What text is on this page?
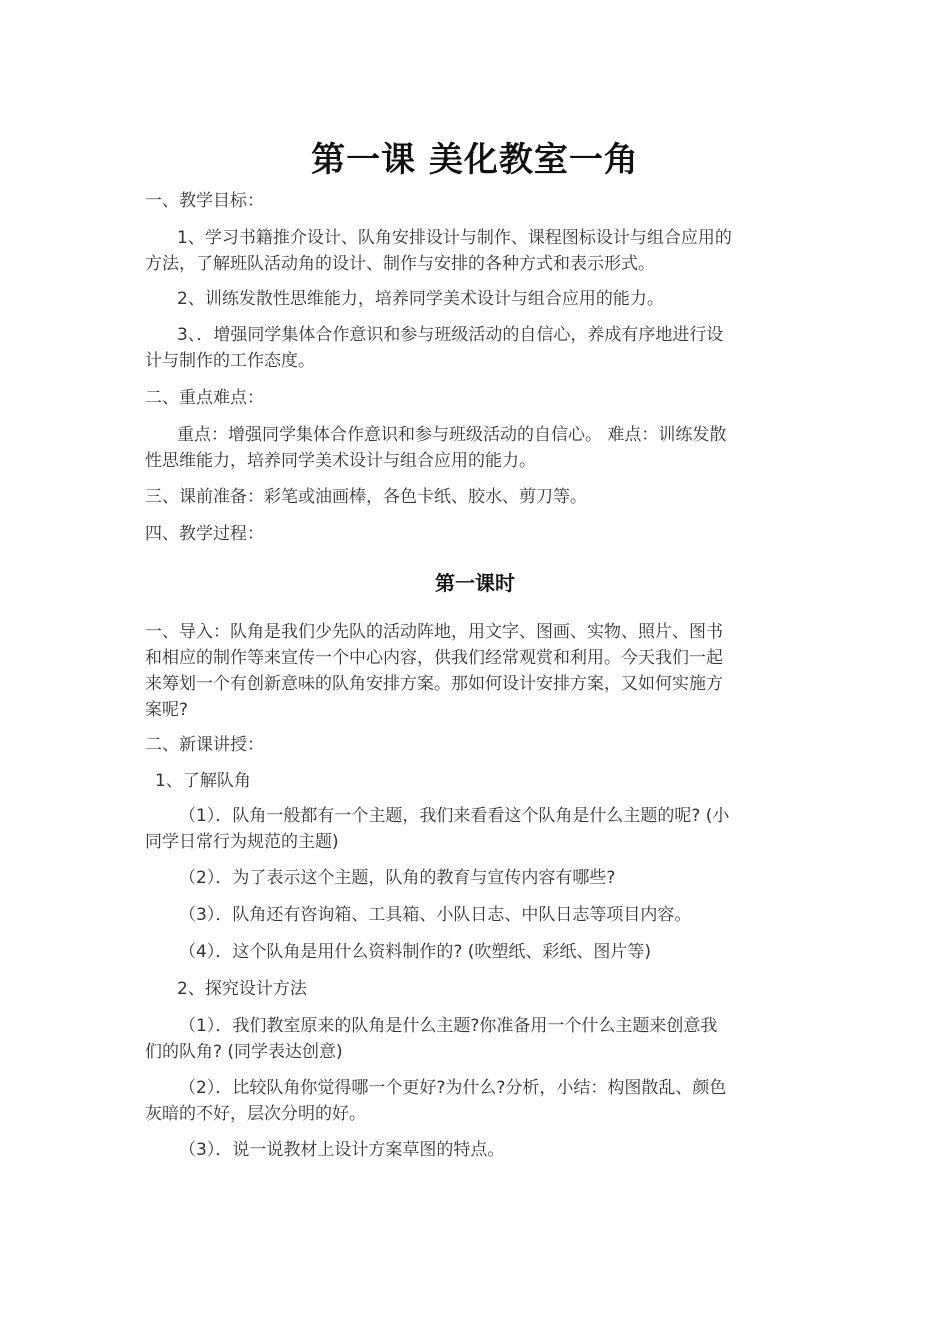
第一课 美化教室一角
一、教学目标：
1、学习书籍推介设计、队角安排设计与制作、课程图标设计与组合应用的
方法，了解班队活动角的设计、制作与安排的各种方式和表示形式。
2、训练发散性思维能力，培养同学美术设计与组合应用的能力。
3、．增强同学集体合作意识和参与班级活动的自信心，养成有序地进行设
计与制作的工作态度。
二、重点难点：
重点：增强同学集体合作意识和参与班级活动的自信心。 难点：训练发散
性思维能力，培养同学美术设计与组合应用的能力。
三、课前准备：彩笔或油画棒，各色卡纸、胶水、剪刀等。
四、教学过程：
第一课时
一、导入：队角是我们少先队的活动阵地，用文字、图画、实物、照片、图书
和相应的制作等来宣传一个中心内容，供我们经常观赏和利用。今天我们一起
来筹划一个有创新意味的队角安排方案。那如何设计安排方案，又如何实施方
案呢?
二、新课讲授：
1、了解队角
（1）．队角一般都有一个主题，我们来看看这个队角是什么主题的呢? (小
同学日常行为规范的主题)
（2）．为了表示这个主题，队角的教育与宣传内容有哪些?
（3）．队角还有咨询箱、工具箱、小队日志、中队日志等项目内容。
（4）．这个队角是用什么资料制作的? (吹塑纸、彩纸、图片等)
2、探究设计方法
（1）．我们教室原来的队角是什么主题?你准备用一个什么主题来创意我
们的队角? (同学表达创意)
（2）．比较队角你觉得哪一个更好?为什么?分析，小结：构图散乱、颜色
灰暗的不好，层次分明的好。
（3）．说一说教材上设计方案草图的特点。
